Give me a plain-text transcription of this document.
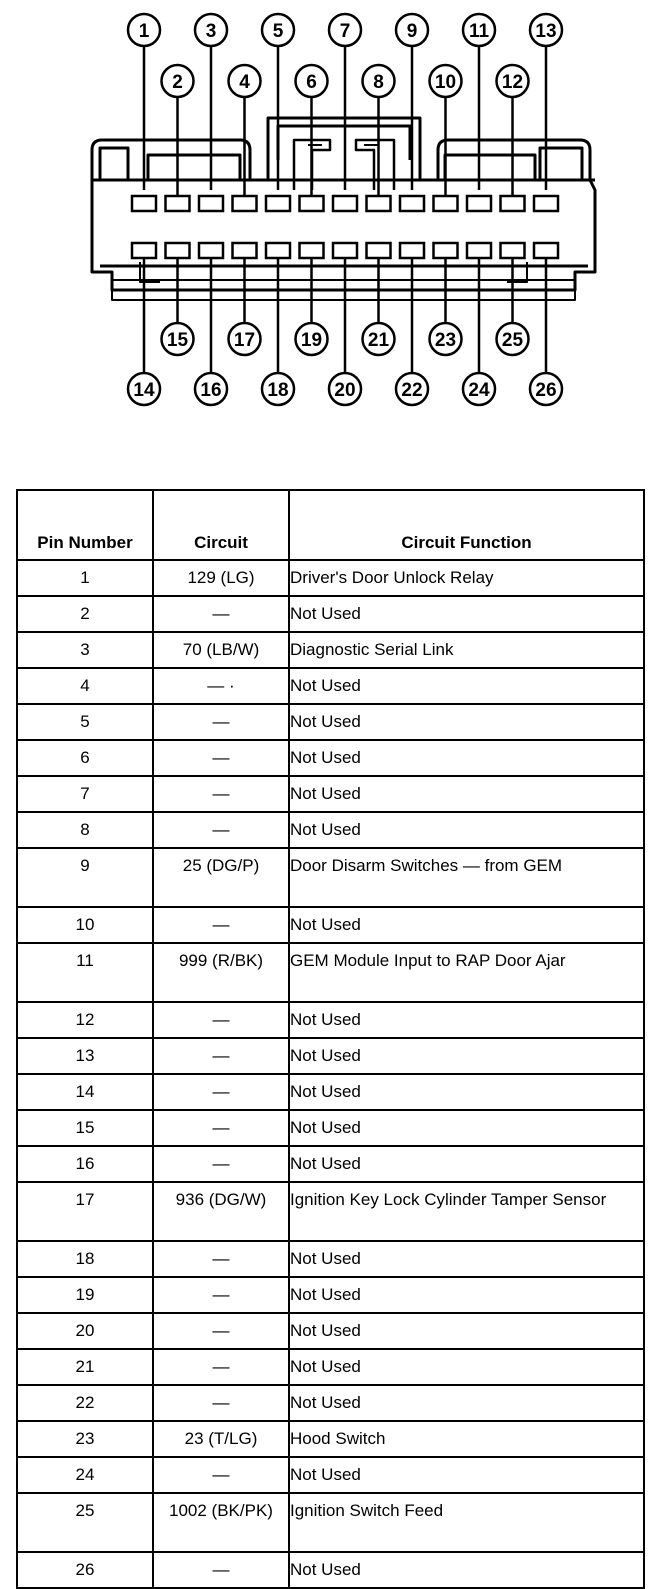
1
2
3
4
5
6
7
8
9
10
11
12
13
14
15
16
17
18
19
20
21
22
23
24
25
26
Pin Number	Circuit	Circuit Function
1	129 (LG)	Driver's Door Unlock Relay
2	—	Not Used
3	70 (LB/W)	Diagnostic Serial Link
4	— ·	Not Used
5	—	Not Used
6	—	Not Used
7	—	Not Used
8	—	Not Used
9	25 (DG/P)	Door Disarm Switches — from GEM
10	—	Not Used
11	999 (R/BK)	GEM Module Input to RAP Door Ajar
12	—	Not Used
13	—	Not Used
14	—	Not Used
15	—	Not Used
16	—	Not Used
17	936 (DG/W)	Ignition Key Lock Cylinder Tamper Sensor
18	—	Not Used
19	—	Not Used
20	—	Not Used
21	—	Not Used
22	—	Not Used
23	23 (T/LG)	Hood Switch
24	—	Not Used
25	1002 (BK/PK)	Ignition Switch Feed
26	—	Not Used
